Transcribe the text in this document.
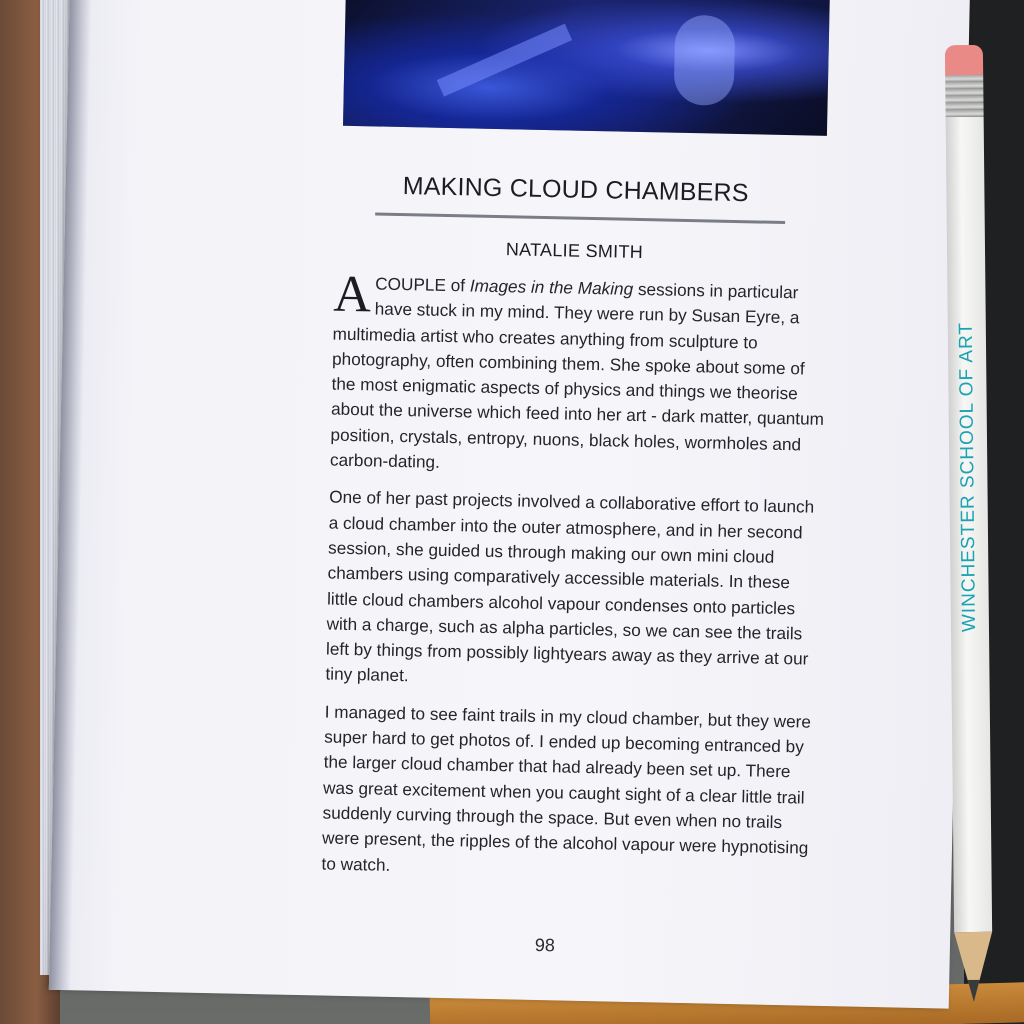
MAKING CLOUD CHAMBERS
NATALIE SMITH

ACOUPLE of Images in the Making sessions in particular have stuck in my mind. They were run by Susan Eyre, a multimedia artist who creates anything from sculpture to photography, often combining them. She spoke about some of the most enigmatic aspects of physics and things we theorise about the universe which feed into her art - dark matter, quantum position, crystals, entropy, nuons, black holes, wormholes and carbon-dating.

One of her past projects involved a collaborative effort to launch a cloud chamber into the outer atmosphere, and in her second session, she guided us through making our own mini cloud chambers using comparatively accessible materials. In these little cloud chambers alcohol vapour condenses onto particles with a charge, such as alpha particles, so we can see the trails left by things from possibly lightyears away as they arrive at our tiny planet.

I managed to see faint trails in my cloud chamber, but they were super hard to get photos of. I ended up becoming entranced by the larger cloud chamber that had already been set up. There was great excitement when you caught sight of a clear little trail suddenly curving through the space. But even when no trails were present, the ripples of the alcohol vapour were hypnotising to watch.

98
WINCHESTER SCHOOL OF ART
